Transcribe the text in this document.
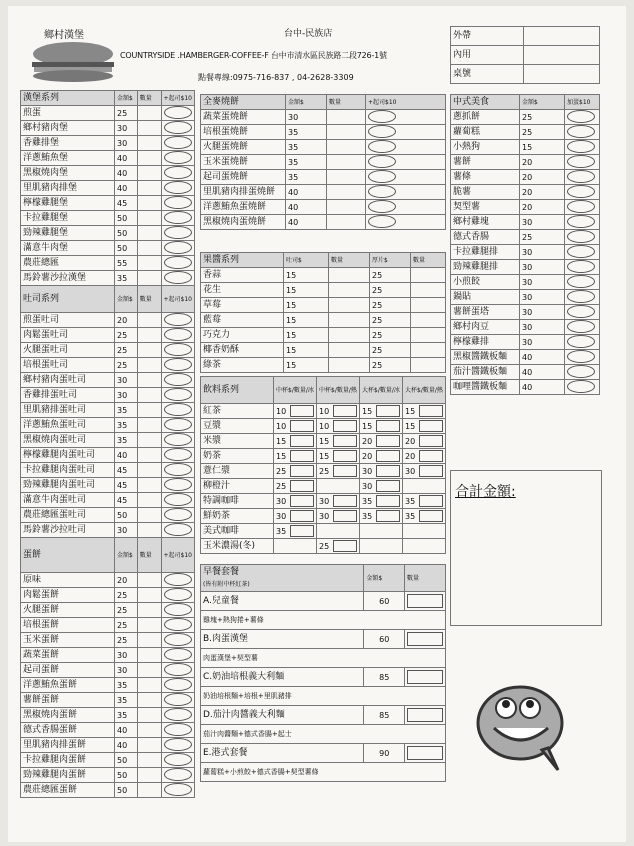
鄉村漢堡	台中-民族店
COUNTRYSIDE .HAMBERGER-COFFEE-F 台中市清水區民族路二段726-1號
點餐專線:0975-716-837 , 04-2628-3309
外帶	
內用	
桌號	
漢堡系列	金額$	數量	+起司$10
煎蛋	25		
鄉村豬肉堡	30		
香雞排堡	30		
洋蔥鮪魚堡	40		
黑椒燒肉堡	40		
里肌豬肉排堡	40		
檸檬雞腿堡	45		
卡拉雞腿堡	50		
勁辣雞腿堡	50		
滿意牛肉堡	50		
農莊總匯	55		
馬鈴薯沙拉漢堡	35		
吐司系列	金額$	數量	+起司$10
煎蛋吐司	20		
肉鬆蛋吐司	25		
火腿蛋吐司	25		
培根蛋吐司	25		
鄉村豬肉蛋吐司	30		
香雞排蛋吐司	30		
里肌豬排蛋吐司	35		
洋蔥鮪魚蛋吐司	35		
黑椒燒肉蛋吐司	35		
檸檬雞腿肉蛋吐司	40		
卡拉雞腿肉蛋吐司	45		
勁辣雞腿肉蛋吐司	45		
滿意牛肉蛋吐司	45		
農莊總匯蛋吐司	50		
馬鈴薯沙拉吐司	30		
蛋餅	金額$	數量	+起司$10
原味	20		
肉鬆蛋餅	25		
火腿蛋餅	25		
培根蛋餅	25		
玉米蛋餅	25		
蔬菜蛋餅	30		
起司蛋餅	30		
洋蔥鮪魚蛋餅	35		
薯餅蛋餅	35		
黑椒燒肉蛋餅	35		
德式香腸蛋餅	40		
里肌豬肉排蛋餅	40		
卡拉雞腿肉蛋餅	50		
勁辣雞腿肉蛋餅	50		
農莊總匯蛋餅	50		
全麥燒餅	金額$	數量	+起司$10
蔬菜蛋燒餅	30		
培根蛋燒餅	35		
火腿蛋燒餅	35		
玉米蛋燒餅	35		
起司蛋燒餅	35		
里肌豬肉排蛋燒餅	40		
洋蔥鮪魚蛋燒餅	40		
黑椒燒肉蛋燒餅	40		
果醬系列	吐司$	數量	厚片$	數量
香蒜	15		25	
花生	15		25	
草莓	15		25	
藍莓	15		25	
巧克力	15		25	
椰香奶酥	15		25	
綠茶	15		25	
飲料系列	中杯$/數量/冰	中杯$/數量/熱	大杯$/數量/冰	大杯$/數量/熱
紅茶	10	10	15	15
豆漿	10	10	15	15
米漿	15	15	20	20
奶茶	15	15	20	20
薏仁漿	25	25	30	30
柳橙汁	25		30	
特調咖啡	30	30	35	35
鮮奶茶	30	30	35	35
美式咖啡	35			
玉米濃湯(冬)		25		
早餐套餐
(皆有附中杯紅茶)	金額$	數量
A.兒童餐	60	
雞塊+熱狗捲+薯條		
B.肉蛋漢堡	60	
肉蛋漢堡+契型薯		
C.奶油培根義大利麵	85	
奶油培根麵+培根+里肌豬排		
D.茄汁肉醬義大利麵	85	
茄汁肉醬麵+德式香腸+起士		
E.港式套餐	90	
蘿蔔糕+小煎餃+德式香腸+契型薯條		
中式美食	金額$	加蛋$10
蔥抓餅	25	
蘿蔔糕	25	
小熱狗	15	
薯餅	20	
薯條	20	
脆薯	20	
契型薯	20	
鄉村雞塊	30	
德式香腸	25	
卡拉雞腿排	30	
勁辣雞腿排	30	
小煎餃	30	
鍋貼	30	
薯餅蛋塔	30	
鄉村肉豆	30	
檸檬雞排	30	
黑椒醬鐵板麵	40	
茄汁醬鐵板麵	40	
咖哩醬鐵板麵	40	
合計金額:
